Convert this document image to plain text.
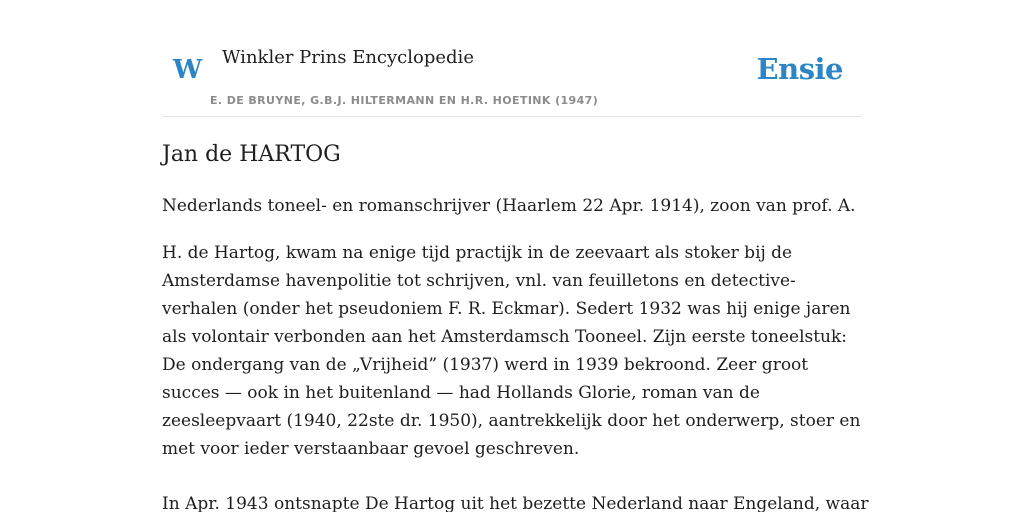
W Winkler Prins Encyclopedie
E. DE BRUYNE, G.B.J. HILTERMANN EN H.R. HOETINK (1947)
Ensie
Jan de HARTOG

Nederlands toneel- en romanschrijver (Haarlem 22 Apr. 1914), zoon van prof. A.

H. de Hartog, kwam na enige tijd practijk in de zeevaart als stoker bij de Amsterdamse havenpolitie tot schrijven, vnl. van feuilletons en detective-verhalen (onder het pseudoniem F. R. Eckmar). Sedert 1932 was hij enige jaren als volontair verbonden aan het Amsterdamsch Tooneel. Zijn eerste toneelstuk: De ondergang van de „Vrijheid” (1937) werd in 1939 bekroond. Zeer groot succes — ook in het buitenland — had Hollands Glorie, roman van de zeesleepvaart (1940, 22ste dr. 1950), aantrekkelijk door het onderwerp, stoer en met voor ieder verstaanbaar gevoel geschreven.

In Apr. 1943 ontsnapte De Hartog uit het bezette Nederland naar Engeland, waar
